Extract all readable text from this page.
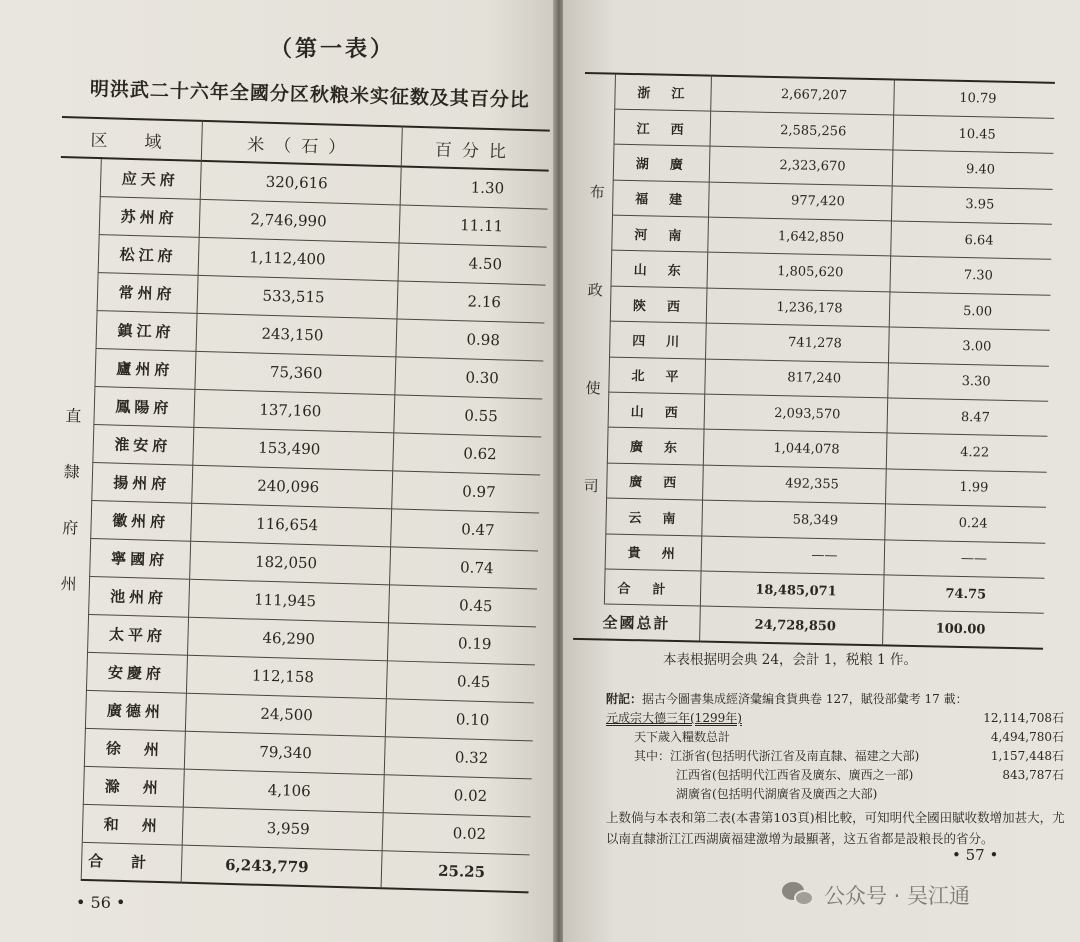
（第一表）
明洪武二十六年全國分区秋粮米实征数及其百分比
区　域		米（石）	百分比

直
隸
府
州	应天府	320,616	1.30
	苏州府	2,746,990	11.11
	松江府	1,112,400	4.50
	常州府	533,515	2.16
	鎮江府	243,150	0.98
	廬州府	75,360	0.30
	鳳陽府	137,160	0.55
	淮安府	153,490	0.62
	揚州府	240,096	0.97
	徽州府	116,654	0.47
	寧國府	182,050	0.74
	池州府	111,945	0.45
	太平府	46,290	0.19
	安慶府	112,158	0.45
	廣德州	24,500	0.10
	徐　州	79,340	0.32
	滁　州	4,106	0.02
	和　州	3,959	0.02
	合計	6,243,779	25.25
• 56 •
布
政
使
司	浙　江	2,667,207	10.79
	江　西	2,585,256	10.45
	湖　廣	2,323,670	9.40
	福　建	977,420	3.95
	河　南	1,642,850	6.64
	山　东	1,805,620	7.30
	陝　西	1,236,178	5.00
	四　川	741,278	3.00
	北　平	817,240	3.30
	山　西	2,093,570	8.47
	廣　东	1,044,078	4.22
	廣　西	492,355	1.99
	云　南	58,349	0.24
	貴　州	——	——
	合計	18,485,071	74.75
全國总計		24,728,850	100.00
本表根据明会典 24，会計 1，税粮 1 作。
附記：据古今圖書集成經済彙編食貨典卷 127，賦役部彙考 17 載：
元成宗大德三年(1299年)	12,114,708石
天下歲入糧数总計	4,494,780石
其中：江浙省(包括明代浙江省及南直隸、福建之大部)	1,157,448石
江西省(包括明代江西省及廣东、廣西之一部)	843,787石
湖廣省(包括明代湖廣省及廣西之大部)
上数倘与本表和第二表(本書第103頁)相比較，可知明代全國田賦收数增加甚大，尤以南直隸浙江江西湖廣福建激增为最顯著，这五省都是設粮長的省分。
• 57 •
公众号 · 吴江通
